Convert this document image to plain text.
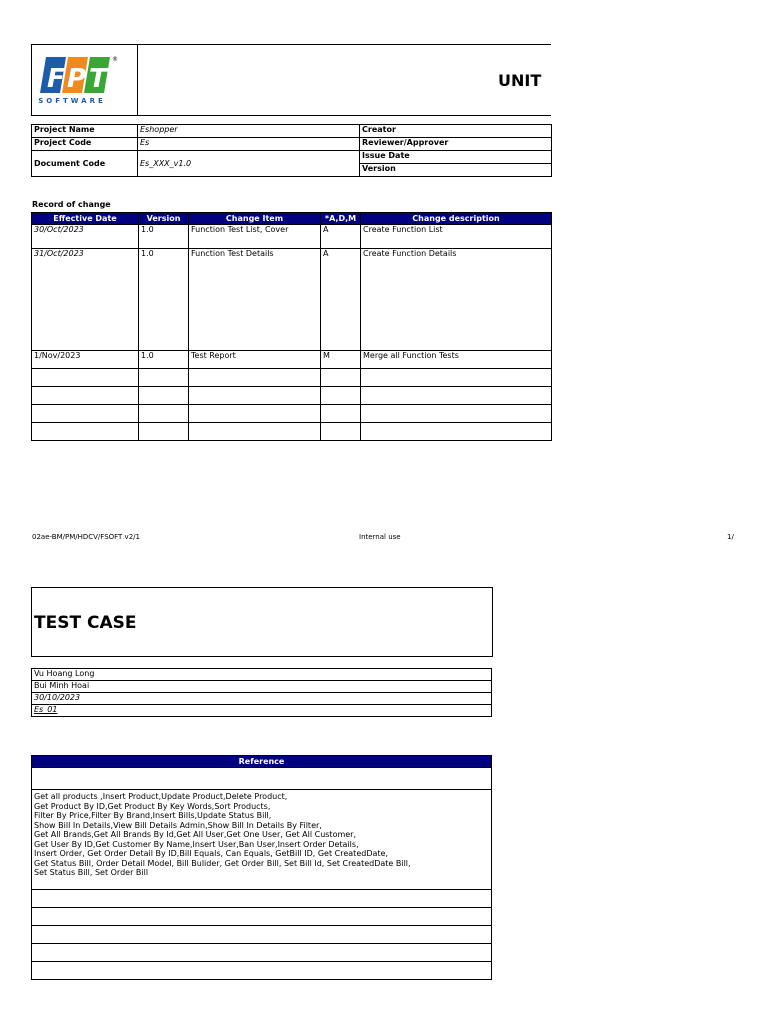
F P T
®
SOFTWARE
UNIT
Project Name	Eshopper	Creator
Project Code	Es	Reviewer/Approver
Document Code	Es_XXX_v1.0	Issue Date
		Version
Record of change
Effective Date	Version	Change Item	*A,D,M	Change description
30/Oct/2023	1.0	Function Test List, Cover	A	Create Function List
31/Oct/2023	1.0	Function Test Details	A	Create Function Details
1/Nov/2023	1.0	Test Report	M	Merge all Function Tests

02ae-BM/PM/HDCV/FSOFT v2/1	Internal use	1/
TEST CASE
Vu Hoang Long
Bui Minh Hoai
30/10/2023
Es_01
Reference

Get all products ,Insert Product,Update Product,Delete Product,
Get Product By ID,Get Product By Key Words,Sort Products,
Filter By Price,Filter By Brand,Insert Bills,Update Status Bill,
Show Bill In Details,View Bill Details Admin,Show Bill In Details By Filter,
Get All Brands,Get All Brands By Id,Get All User,Get One User, Get All Customer,
Get User By ID,Get Customer By Name,Insert User,Ban User,Insert Order Details,
Insert Order, Get Order Detail By ID,Bill Equals, Can Equals, GetBill ID, Get CreatedDate,
Get Status Bill, Order Detail Model, Bill Bulider, Get Order Bill, Set Bill Id, Set CreatedDate Bill,
Set Status Bill, Set Order Bill
